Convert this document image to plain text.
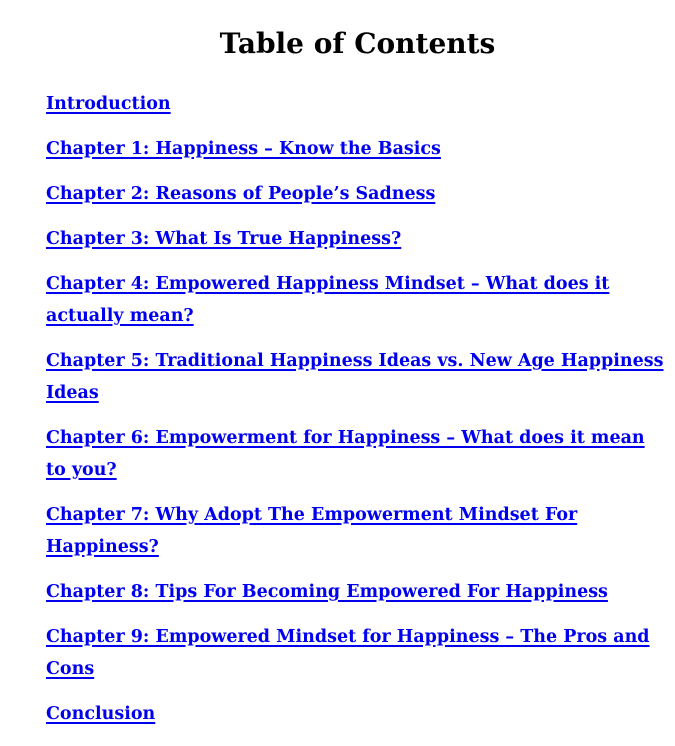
Table of Contents
Introduction
Chapter 1: Happiness – Know the Basics
Chapter 2: Reasons of People’s Sadness
Chapter 3: What Is True Happiness?
Chapter 4: Empowered Happiness Mindset – What does it actually mean?
Chapter 5: Traditional Happiness Ideas vs. New Age Happiness Ideas
Chapter 6: Empowerment for Happiness – What does it mean to you?
Chapter 7: Why Adopt The Empowerment Mindset For Happiness?
Chapter 8: Tips For Becoming Empowered For Happiness
Chapter 9: Empowered Mindset for Happiness – The Pros and Cons
Conclusion
